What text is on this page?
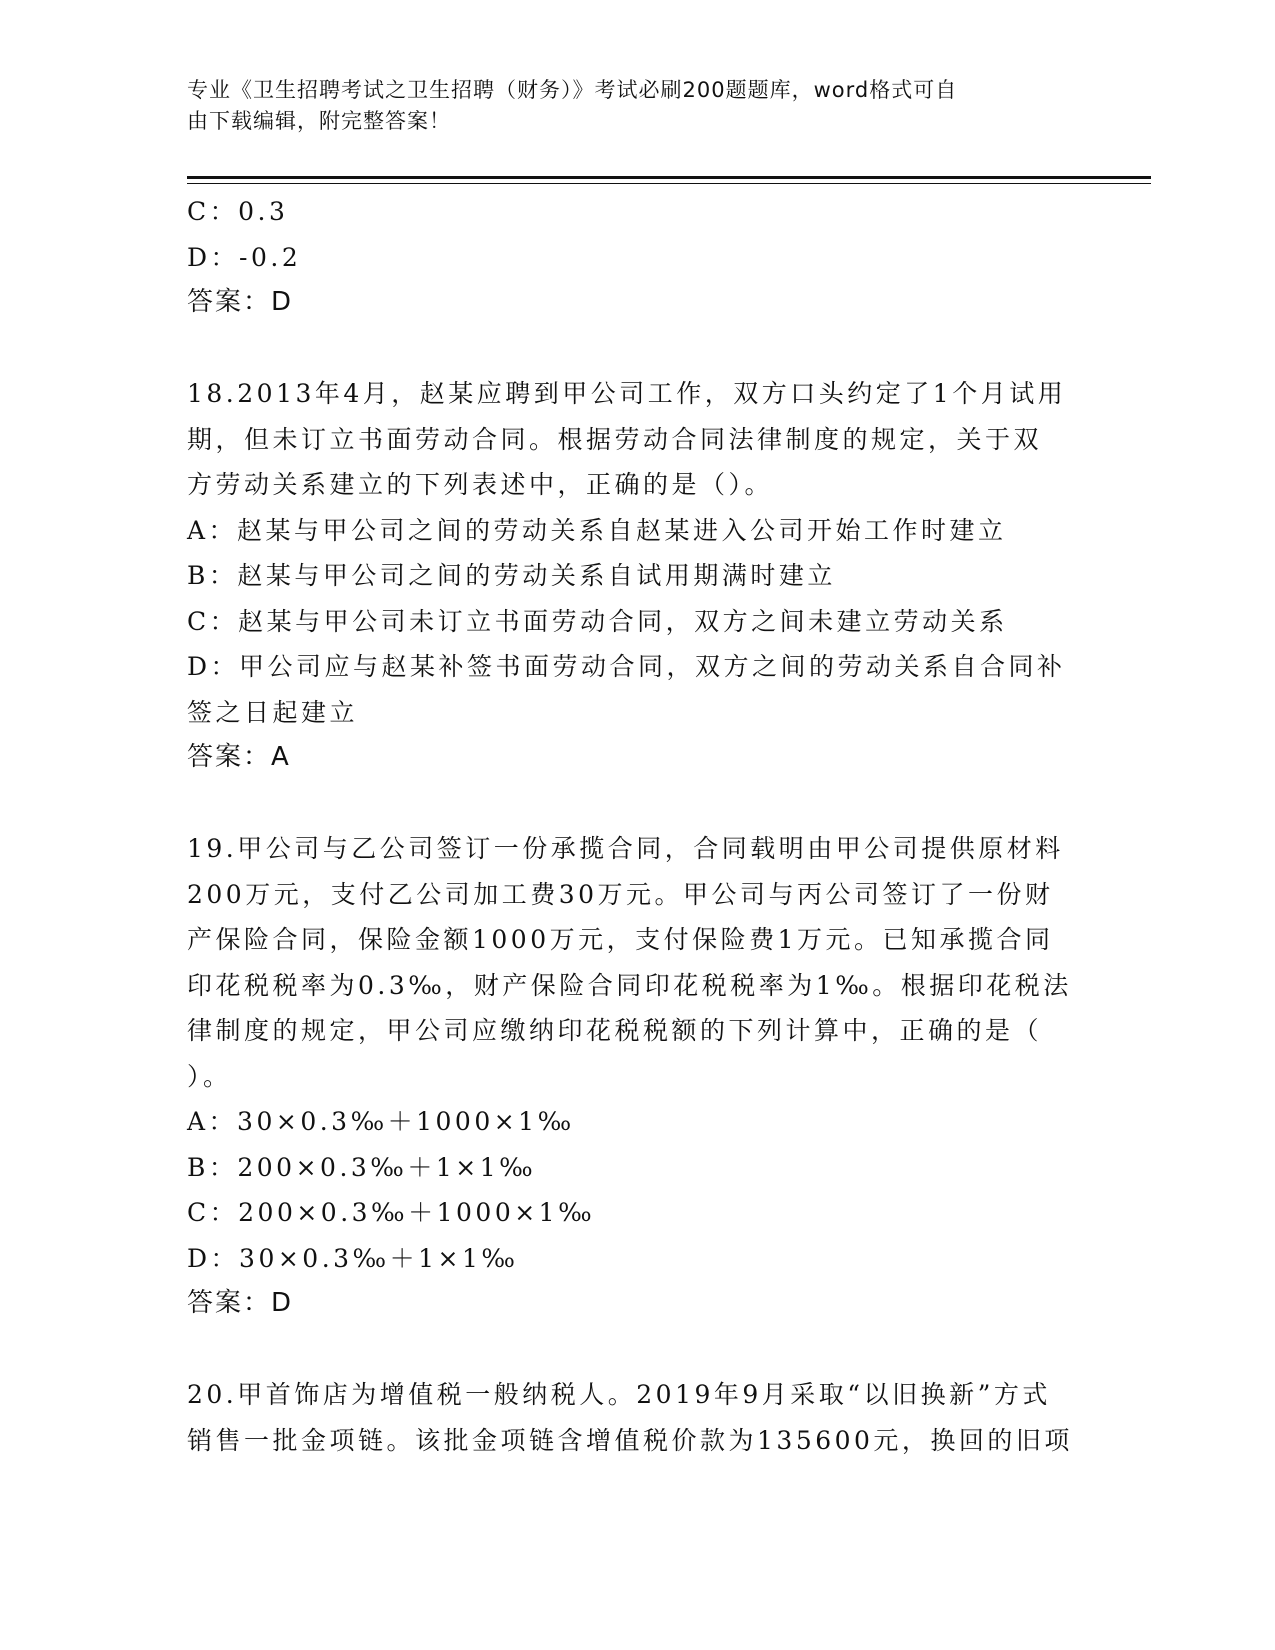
专业《卫生招聘考试之卫生招聘（财务）》考试必刷200题题库，word格式可自
由下载编辑，附完整答案！
C：0.3
D：-0.2
答案：D
18.2013年4月，赵某应聘到甲公司工作，双方口头约定了1个月试用
期，但未订立书面劳动合同。根据劳动合同法律制度的规定，关于双
方劳动关系建立的下列表述中，正确的是（）。
A：赵某与甲公司之间的劳动关系自赵某进入公司开始工作时建立
B：赵某与甲公司之间的劳动关系自试用期满时建立
C：赵某与甲公司未订立书面劳动合同，双方之间未建立劳动关系
D：甲公司应与赵某补签书面劳动合同，双方之间的劳动关系自合同补
签之日起建立
答案：A
19.甲公司与乙公司签订一份承揽合同，合同载明由甲公司提供原材料
200万元，支付乙公司加工费30万元。甲公司与丙公司签订了一份财
产保险合同，保险金额1000万元，支付保险费1万元。已知承揽合同
印花税税率为0.3‰，财产保险合同印花税税率为1‰。根据印花税法
律制度的规定，甲公司应缴纳印花税税额的下列计算中，正确的是（
）。
A：30×0.3‰＋1000×1‰
B：200×0.3‰＋1×1‰
C：200×0.3‰＋1000×1‰
D：30×0.3‰＋1×1‰
答案：D
20.甲首饰店为增值税一般纳税人。2019年9月采取“以旧换新”方式
销售一批金项链。该批金项链含增值税价款为135600元，换回的旧项
